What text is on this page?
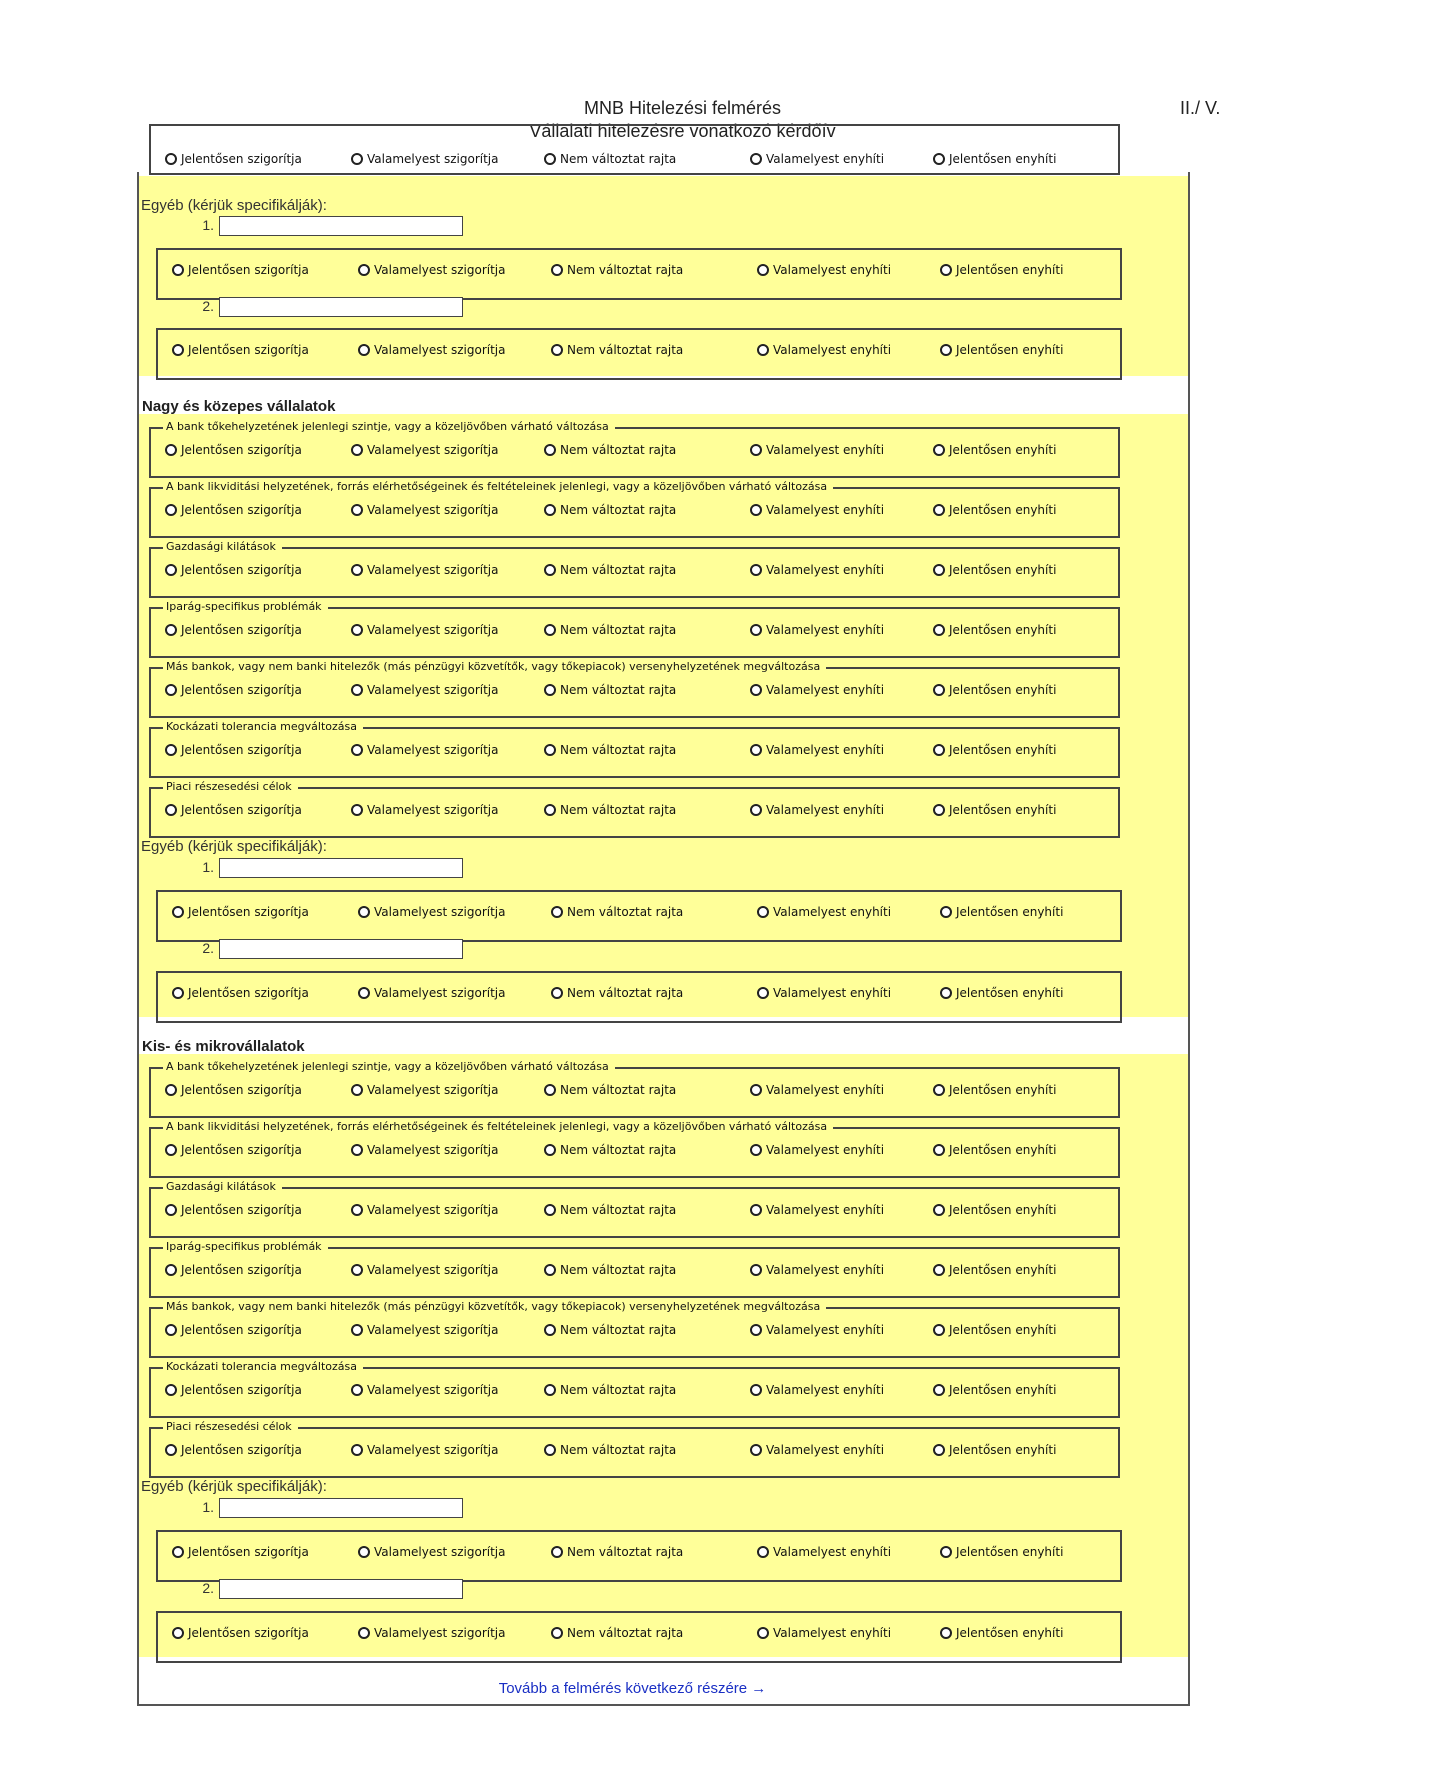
MNB Hitelezési felmérés
Vállalati hitelezésre vonatkozó kérdőív
II./ V.
Jelentősen szigorítja	Valamelyest szigorítja	Nem változtat rajta	Valamelyest enyhíti	Jelentősen enyhíti
Egyéb (kérjük specifikálják):
1.
Jelentősen szigorítja	Valamelyest szigorítja	Nem változtat rajta	Valamelyest enyhíti	Jelentősen enyhíti
2.
Jelentősen szigorítja	Valamelyest szigorítja	Nem változtat rajta	Valamelyest enyhíti	Jelentősen enyhíti
Nagy és közepes vállalatok
A bank tőkehelyzetének jelenlegi szintje, vagy a közeljövőben várható változása
Jelentősen szigorítja	Valamelyest szigorítja	Nem változtat rajta	Valamelyest enyhíti	Jelentősen enyhíti
A bank likviditási helyzetének, forrás elérhetőségeinek és feltételeinek jelenlegi, vagy a közeljövőben várható változása
Jelentősen szigorítja	Valamelyest szigorítja	Nem változtat rajta	Valamelyest enyhíti	Jelentősen enyhíti
Gazdasági kilátások
Jelentősen szigorítja	Valamelyest szigorítja	Nem változtat rajta	Valamelyest enyhíti	Jelentősen enyhíti
Iparág-specifikus problémák
Jelentősen szigorítja	Valamelyest szigorítja	Nem változtat rajta	Valamelyest enyhíti	Jelentősen enyhíti
Más bankok, vagy nem banki hitelezők (más pénzügyi közvetítők, vagy tőkepiacok) versenyhelyzetének megváltozása
Jelentősen szigorítja	Valamelyest szigorítja	Nem változtat rajta	Valamelyest enyhíti	Jelentősen enyhíti
Kockázati tolerancia megváltozása
Jelentősen szigorítja	Valamelyest szigorítja	Nem változtat rajta	Valamelyest enyhíti	Jelentősen enyhíti
Piaci részesedési célok
Jelentősen szigorítja	Valamelyest szigorítja	Nem változtat rajta	Valamelyest enyhíti	Jelentősen enyhíti
Egyéb (kérjük specifikálják):
1.
Jelentősen szigorítja	Valamelyest szigorítja	Nem változtat rajta	Valamelyest enyhíti	Jelentősen enyhíti
2.
Jelentősen szigorítja	Valamelyest szigorítja	Nem változtat rajta	Valamelyest enyhíti	Jelentősen enyhíti
Kis- és mikrovállalatok
A bank tőkehelyzetének jelenlegi szintje, vagy a közeljövőben várható változása
Jelentősen szigorítja	Valamelyest szigorítja	Nem változtat rajta	Valamelyest enyhíti	Jelentősen enyhíti
A bank likviditási helyzetének, forrás elérhetőségeinek és feltételeinek jelenlegi, vagy a közeljövőben várható változása
Jelentősen szigorítja	Valamelyest szigorítja	Nem változtat rajta	Valamelyest enyhíti	Jelentősen enyhíti
Gazdasági kilátások
Jelentősen szigorítja	Valamelyest szigorítja	Nem változtat rajta	Valamelyest enyhíti	Jelentősen enyhíti
Iparág-specifikus problémák
Jelentősen szigorítja	Valamelyest szigorítja	Nem változtat rajta	Valamelyest enyhíti	Jelentősen enyhíti
Más bankok, vagy nem banki hitelezők (más pénzügyi közvetítők, vagy tőkepiacok) versenyhelyzetének megváltozása
Jelentősen szigorítja	Valamelyest szigorítja	Nem változtat rajta	Valamelyest enyhíti	Jelentősen enyhíti
Kockázati tolerancia megváltozása
Jelentősen szigorítja	Valamelyest szigorítja	Nem változtat rajta	Valamelyest enyhíti	Jelentősen enyhíti
Piaci részesedési célok
Jelentősen szigorítja	Valamelyest szigorítja	Nem változtat rajta	Valamelyest enyhíti	Jelentősen enyhíti
Egyéb (kérjük specifikálják):
1.
Jelentősen szigorítja	Valamelyest szigorítja	Nem változtat rajta	Valamelyest enyhíti	Jelentősen enyhíti
2.
Jelentősen szigorítja	Valamelyest szigorítja	Nem változtat rajta	Valamelyest enyhíti	Jelentősen enyhíti
Tovább a felmérés következő részére →
